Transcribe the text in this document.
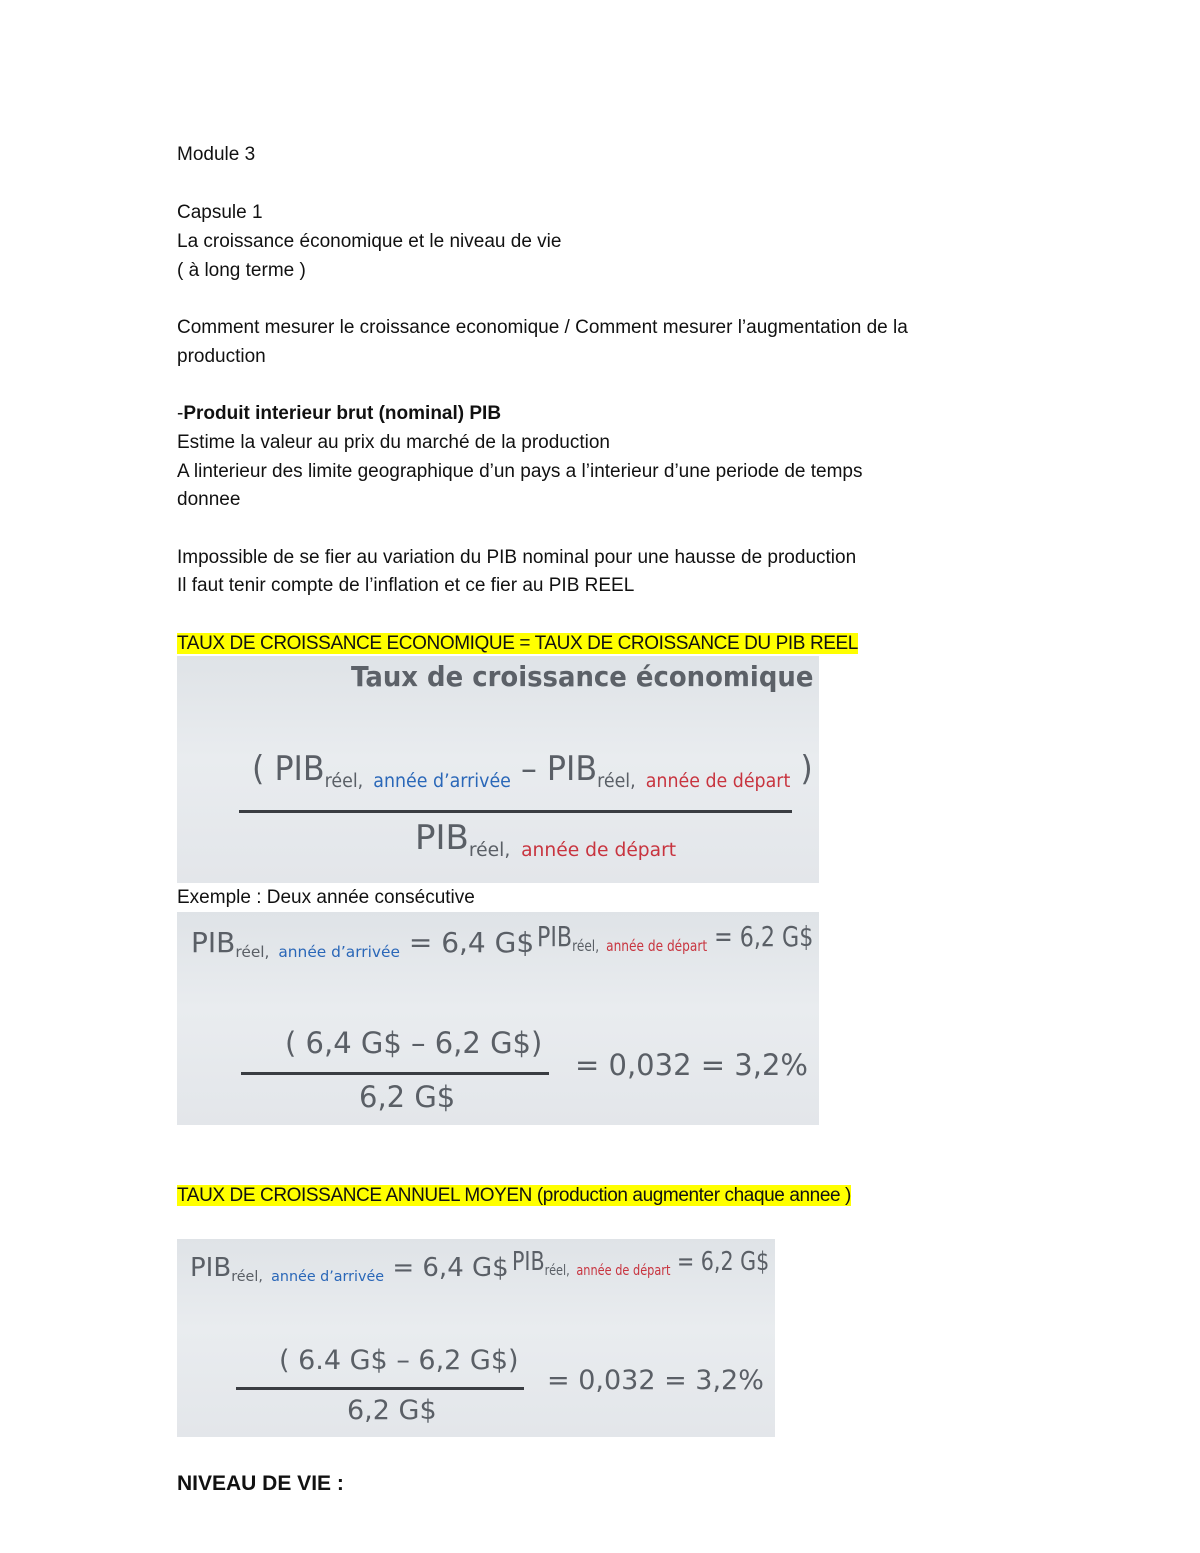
Module 3

Capsule 1

La croissance économique et le niveau de vie

( à long terme )

Comment mesurer le croissance economique / Comment mesurer l’augmentation de la

production

-Produit interieur brut (nominal) PIB

Estime la valeur au prix du marché de la production

A linterieur des limite geographique d’un pays a l’interieur d’une periode de temps

donnee

Impossible de se fier au variation du PIB nominal pour une hausse de production

Il faut tenir compte de l’inflation et ce fier au PIB REEL

TAUX DE CROISSANCE ECONOMIQUE = TAUX DE CROISSANCE DU PIB REEL

Taux de croissance économique
( PIBréel, année d’arrivée – PIBréel, année de départ )
PIBréel, année de départ

Exemple : Deux année consécutive

PIBréel, année d’arrivée = 6,4 G$ PIBréel, année de départ = 6,2 G$
( 6,4 G$ – 6,2 G$)
6,2 G$
= 0,032 = 3,2%

TAUX DE CROISSANCE ANNUEL MOYEN (production augmenter chaque annee )

PIBréel, année d’arrivée = 6,4 G$ PIBréel, année de départ = 6,2 G$
( 6.4 G$ – 6,2 G$)
6,2 G$
= 0,032 = 3,2%

NIVEAU DE VIE :
